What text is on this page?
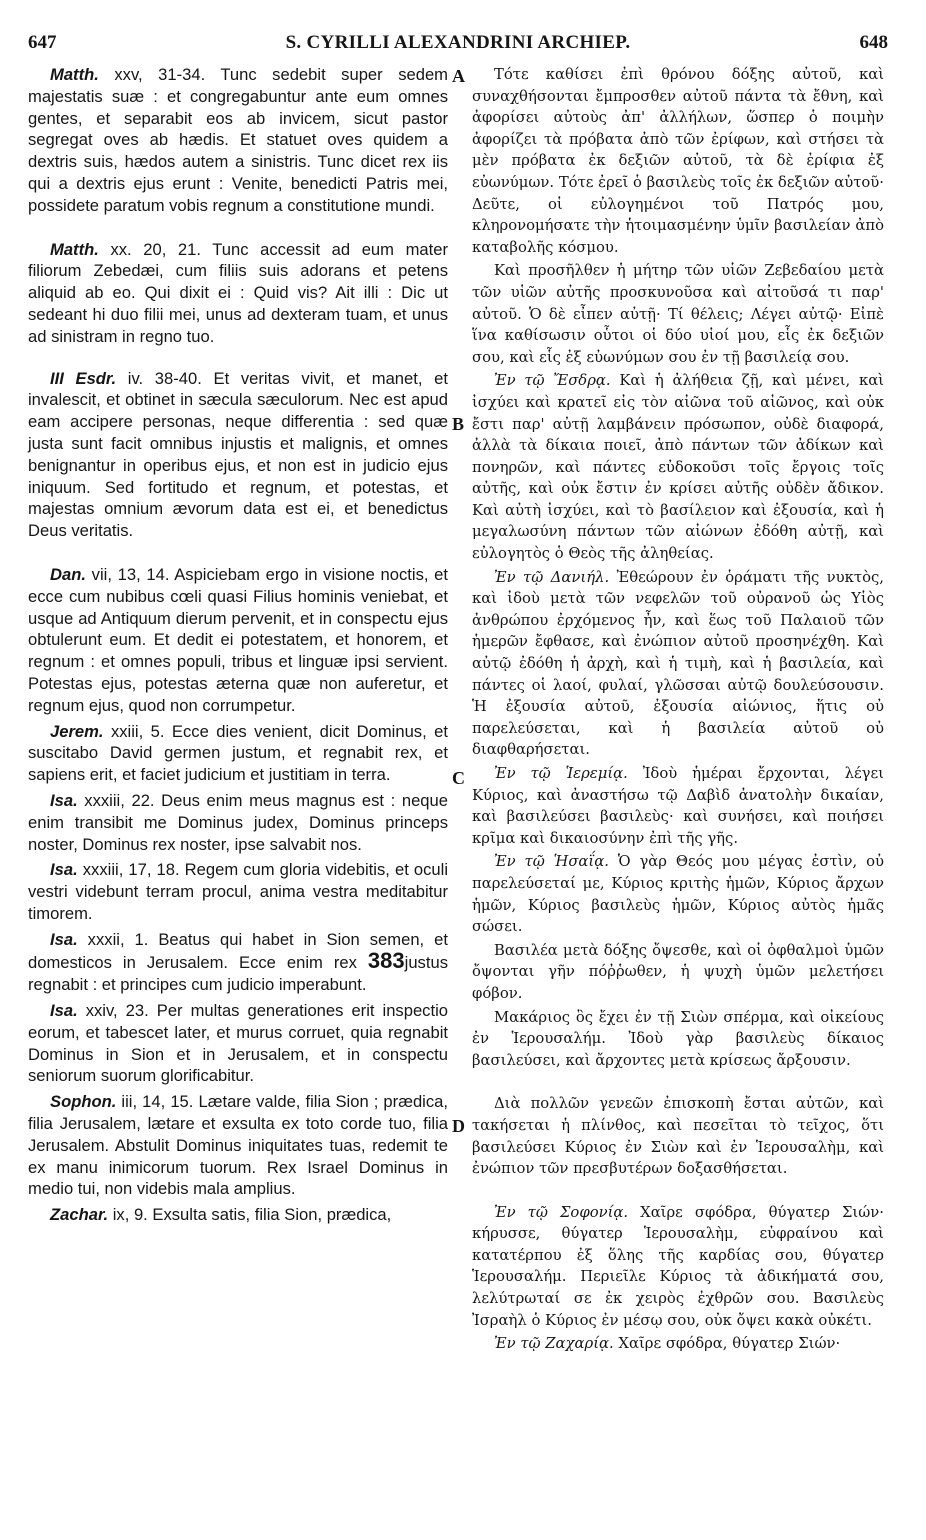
647	S. CYRILLI ALEXANDRINI ARCHIEP.	648

Matth. xxv, 31-34. Tunc sedebit super sedem majestatis suæ : et congregabuntur ante eum omnes gentes, et separabit eos ab invicem, sicut pastor segregat oves ab hædis. Et statuet oves quidem a dextris suis, hædos autem a sinistris. Tunc dicet rex iis qui a dextris ejus erunt : Venite, benedicti Patris mei, possidete paratum vobis regnum a constitutione mundi.

Matth. xx. 20, 21. Tunc accessit ad eum mater filiorum Zebedæi, cum filiis suis adorans et petens aliquid ab eo. Qui dixit ei : Quid vis? Ait illi : Dic ut sedeant hi duo filii mei, unus ad dexteram tuam, et unus ad sinistram in regno tuo.

III Esdr. iv. 38-40. Et veritas vivit, et manet, et invalescit, et obtinet in sæcula sæculorum. Nec est apud eam accipere personas, neque differentia : sed quæ justa sunt facit omnibus injustis et malignis, et omnes benignantur in operibus ejus, et non est in judicio ejus iniquum. Sed fortitudo et regnum, et potestas, et majestas omnium ævorum data est ei, et benedictus Deus veritatis.

Dan. vii, 13, 14. Aspiciebam ergo in visione noctis, et ecce cum nubibus cœli quasi Filius hominis veniebat, et usque ad Antiquum dierum pervenit, et in conspectu ejus obtulerunt eum. Et dedit ei potestatem, et honorem, et regnum : et omnes populi, tribus et linguæ ipsi servient. Potestas ejus, potestas æterna quæ non auferetur, et regnum ejus, quod non corrumpetur.

Jerem. xxiii, 5. Ecce dies venient, dicit Dominus, et suscitabo David germen justum, et regnabit rex, et sapiens erit, et faciet judicium et justitiam in terra.

Isa. xxxiii, 22. Deus enim meus magnus est : neque enim transibit me Dominus judex, Dominus princeps noster, Dominus rex noster, ipse salvabit nos.

Isa. xxxiii, 17, 18. Regem cum gloria videbitis, et oculi vestri videbunt terram procul, anima vestra meditabitur timorem.

Isa. xxxii, 1. Beatus qui habet in Sion semen, et domesticos in Jerusalem. Ecce enim rex 383justus regnabit : et principes cum judicio imperabunt.

Isa. xxiv, 23. Per multas generationes erit inspectio eorum, et tabescet later, et murus corruet, quia regnabit Dominus in Sion et in Jerusalem, et in conspectu seniorum suorum glorificabitur.

Sophon. iii, 14, 15. Lætare valde, filia Sion ; prædica, filia Jerusalem, lætare et exsulta ex toto corde tuo, filia Jerusalem. Abstulit Dominus iniquitates tuas, redemit te ex manu inimicorum tuorum. Rex Israel Dominus in medio tui, non videbis mala amplius.

Zachar. ix, 9. Exsulta satis, filia Sion, prædica,

A
B
C
D

Τότε καθίσει ἐπὶ θρόνου δόξης αὐτοῦ, καὶ συναχθήσονται ἔμπροσθεν αὐτοῦ πάντα τὰ ἔθνη, καὶ ἀφορίσει αὐτοὺς ἀπ' ἀλλήλων, ὥσπερ ὁ ποιμὴν ἀφορίζει τὰ πρόβατα ἀπὸ τῶν ἐρίφων, καὶ στήσει τὰ μὲν πρόβατα ἐκ δεξιῶν αὐτοῦ, τὰ δὲ ἐρίφια ἐξ εὐωνύμων. Τότε ἐρεῖ ὁ βασιλεὺς τοῖς ἐκ δεξιῶν αὐτοῦ· Δεῦτε, οἱ εὐλογημένοι τοῦ Πατρός μου, κληρονομήσατε τὴν ἡτοιμασμένην ὑμῖν βασιλείαν ἀπὸ καταβολῆς κόσμου.

Καὶ προσῆλθεν ἡ μήτηρ τῶν υἱῶν Ζεβεδαίου μετὰ τῶν υἱῶν αὐτῆς προσκυνοῦσα καὶ αἰτοῦσά τι παρ' αὐτοῦ. Ὁ δὲ εἶπεν αὐτῇ· Τί θέλεις; Λέγει αὐτῷ· Εἰπὲ ἵνα καθίσωσιν οὗτοι οἱ δύο υἱοί μου, εἷς ἐκ δεξιῶν σου, καὶ εἷς ἐξ εὐωνύμων σου ἐν τῇ βασιλείᾳ σου.

Ἐν τῷ Ἔσδρᾳ. Καὶ ἡ ἀλήθεια ζῇ, καὶ μένει, καὶ ἰσχύει καὶ κρατεῖ εἰς τὸν αἰῶνα τοῦ αἰῶνος, καὶ οὐκ ἔστι παρ' αὐτῇ λαμβάνειν πρόσωπον, οὐδὲ διαφορά, ἀλλὰ τὰ δίκαια ποιεῖ, ἀπὸ πάντων τῶν ἀδίκων καὶ πονηρῶν, καὶ πάντες εὐδοκοῦσι τοῖς ἔργοις τοῖς αὐτῆς, καὶ οὐκ ἔστιν ἐν κρίσει αὐτῆς οὐδὲν ἄδικον. Καὶ αὐτὴ ἰσχύει, καὶ τὸ βασίλειον καὶ ἐξουσία, καὶ ἡ μεγαλωσύνη πάντων τῶν αἰώνων ἐδόθη αὐτῇ, καὶ εὐλογητὸς ὁ Θεὸς τῆς ἀληθείας.

Ἐν τῷ Δανιήλ. Ἐθεώρουν ἐν ὁράματι τῆς νυκτὸς, καὶ ἰδοὺ μετὰ τῶν νεφελῶν τοῦ οὐρανοῦ ὡς Υἱὸς ἀνθρώπου ἐρχόμενος ἦν, καὶ ἕως τοῦ Παλαιοῦ τῶν ἡμερῶν ἔφθασε, καὶ ἐνώπιον αὐτοῦ προσηνέχθη. Καὶ αὐτῷ ἐδόθη ἡ ἀρχὴ, καὶ ἡ τιμὴ, καὶ ἡ βασιλεία, καὶ πάντες οἱ λαοί, φυλαί, γλῶσσαι αὐτῷ δουλεύσουσιν. Ἡ ἐξουσία αὐτοῦ, ἐξουσία αἰώνιος, ἥτις οὐ παρελεύσεται, καὶ ἡ βασιλεία αὐτοῦ οὐ διαφθαρήσεται.

Ἐν τῷ Ἱερεμίᾳ. Ἰδοὺ ἡμέραι ἔρχονται, λέγει Κύριος, καὶ ἀναστήσω τῷ Δαβὶδ ἀνατολὴν δικαίαν, καὶ βασιλεύσει βασιλεὺς· καὶ συνήσει, καὶ ποιήσει κρῖμα καὶ δικαιοσύνην ἐπὶ τῆς γῆς.

Ἐν τῷ Ἡσαΐᾳ. Ὁ γὰρ Θεός μου μέγας ἐστὶν, οὐ παρελεύσεταί με, Κύριος κριτὴς ἡμῶν, Κύριος ἄρχων ἡμῶν, Κύριος βασιλεὺς ἡμῶν, Κύριος αὐτὸς ἡμᾶς σώσει.

Βασιλέα μετὰ δόξης ὄψεσθε, καὶ οἱ ὀφθαλμοὶ ὑμῶν ὄψονται γῆν πόῤῥωθεν, ἡ ψυχὴ ὑμῶν μελετήσει φόβον.

Μακάριος ὃς ἔχει ἐν τῇ Σιὼν σπέρμα, καὶ οἰκείους ἐν Ἱερουσαλήμ. Ἰδοὺ γὰρ βασιλεὺς δίκαιος βασιλεύσει, καὶ ἄρχοντες μετὰ κρίσεως ἄρξουσιν.

Διὰ πολλῶν γενεῶν ἐπισκοπὴ ἔσται αὐτῶν, καὶ τακήσεται ἡ πλίνθος, καὶ πεσεῖται τὸ τεῖχος, ὅτι βασιλεύσει Κύριος ἐν Σιὼν καὶ ἐν Ἱερουσαλὴμ, καὶ ἐνώπιον τῶν πρεσβυτέρων δοξασθήσεται.

Ἐν τῷ Σοφονίᾳ. Χαῖρε σφόδρα, θύγατερ Σιών· κήρυσσε, θύγατερ Ἱερουσαλὴμ, εὐφραίνου καὶ κατατέρπου ἐξ ὅλης τῆς καρδίας σου, θύγατερ Ἱερουσαλήμ. Περιεῖλε Κύριος τὰ ἀδικήματά σου, λελύτρωταί σε ἐκ χειρὸς ἐχθρῶν σου. Βασιλεὺς Ἰσραὴλ ὁ Κύριος ἐν μέσῳ σου, οὐκ ὄψει κακὰ οὐκέτι.

Ἐν τῷ Ζαχαρίᾳ. Χαῖρε σφόδρα, θύγατερ Σιών·
